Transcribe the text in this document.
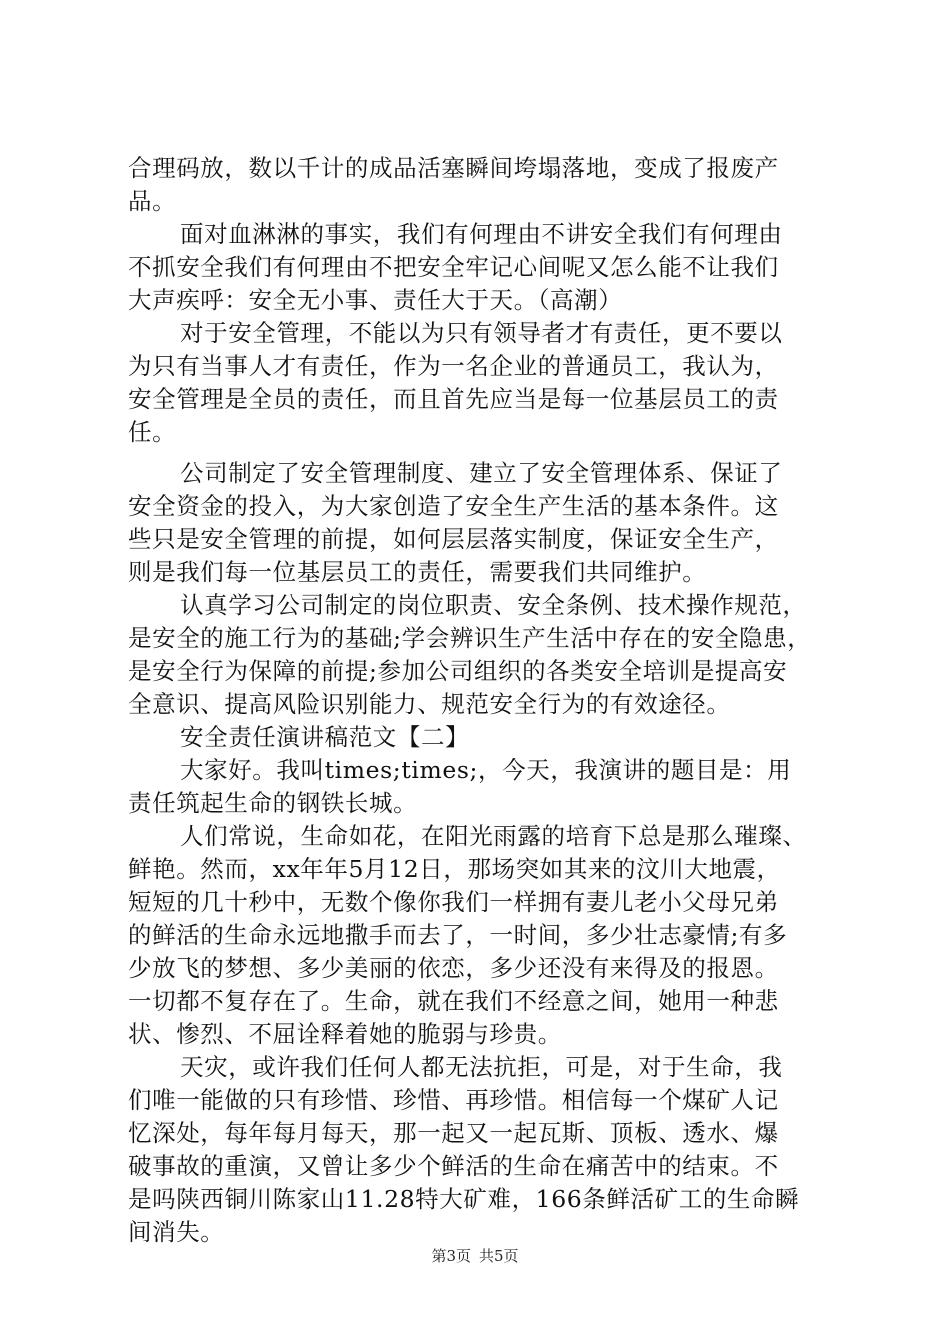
合理码放，数以千计的成品活塞瞬间垮塌落地，变成了报废产
品。
面对血淋淋的事实，我们有何理由不讲安全我们有何理由
不抓安全我们有何理由不把安全牢记心间呢又怎么能不让我们
大声疾呼：安全无小事、责任大于天。（高潮）
对于安全管理，不能以为只有领导者才有责任，更不要以
为只有当事人才有责任，作为一名企业的普通员工，我认为，
安全管理是全员的责任，而且首先应当是每一位基层员工的责
任。
公司制定了安全管理制度、建立了安全管理体系、保证了
安全资金的投入，为大家创造了安全生产生活的基本条件。这
些只是安全管理的前提，如何层层落实制度，保证安全生产，
则是我们每一位基层员工的责任，需要我们共同维护。
认真学习公司制定的岗位职责、安全条例、技术操作规范，
是安全的施工行为的基础;学会辨识生产生活中存在的安全隐患，
是安全行为保障的前提;参加公司组织的各类安全培训是提高安
全意识、提高风险识别能力、规范安全行为的有效途径。
安全责任演讲稿范文【二】
大家好。我叫times;times;，今天，我演讲的题目是：用
责任筑起生命的钢铁长城。
人们常说，生命如花，在阳光雨露的培育下总是那么璀璨、
鲜艳。然而，xx年年5月12日，那场突如其来的汶川大地震，
短短的几十秒中，无数个像你我们一样拥有妻儿老小父母兄弟
的鲜活的生命永远地撒手而去了，一时间，多少壮志豪情;有多
少放飞的梦想、多少美丽的依恋，多少还没有来得及的报恩。
一切都不复存在了。生命，就在我们不经意之间，她用一种悲
状、惨烈、不屈诠释着她的脆弱与珍贵。
天灾，或许我们任何人都无法抗拒，可是，对于生命，我
们唯一能做的只有珍惜、珍惜、再珍惜。相信每一个煤矿人记
忆深处，每年每月每天，那一起又一起瓦斯、顶板、透水、爆
破事故的重演，又曾让多少个鲜活的生命在痛苦中的结束。不
是吗陕西铜川陈家山11.28特大矿难，166条鲜活矿工的生命瞬
间消失。
第3页 共5页
